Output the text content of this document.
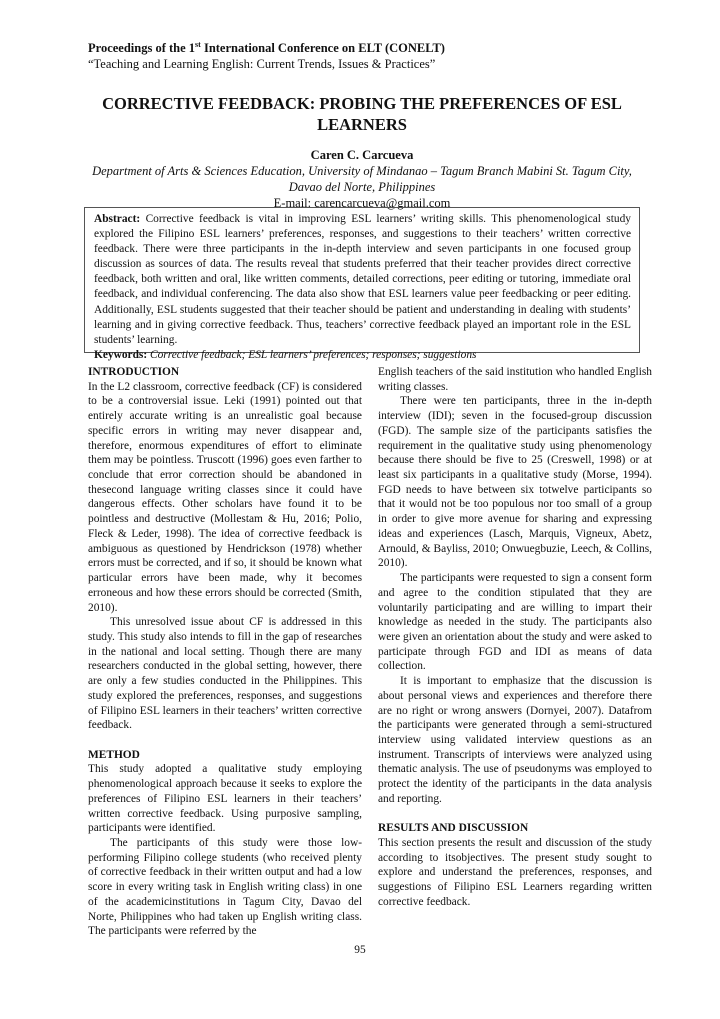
Proceedings of the 1st International Conference on ELT (CONELT)
“Teaching and Learning English: Current Trends, Issues & Practices”
CORRECTIVE FEEDBACK: PROBING THE PREFERENCES OF ESL LEARNERS
Caren C. Carcueva
Department of Arts & Sciences Education, University of Mindanao – Tagum Branch Mabini St. Tagum City, Davao del Norte, Philippines
E-mail: carencarcueva@gmail.com
Abstract: Corrective feedback is vital in improving ESL learners’ writing skills. This phenomenological study explored the Filipino ESL learners’ preferences, responses, and suggestions to their teachers’ written corrective feedback. There were three participants in the in-depth interview and seven participants in one focused group discussion as sources of data. The results reveal that students preferred that their teacher provides direct corrective feedback, both written and oral, like written comments, detailed corrections, peer editing or tutoring, immediate oral feedback, and individual conferencing. The data also show that ESL learners value peer feedbacking or peer editing. Additionally, ESL students suggested that their teacher should be patient and understanding in dealing with students’ learning and in giving corrective feedback. Thus, teachers’ corrective feedback played an important role in the ESL students’ learning.
Keywords: Corrective feedback; ESL learners’ preferences; responses; suggestions
INTRODUCTION

In the L2 classroom, corrective feedback (CF) is considered to be a controversial issue. Leki (1991) pointed out that entirely accurate writing is an unrealistic goal because specific errors in writing may never disappear and, therefore, enormous expenditures of effort to eliminate them may be pointless. Truscott (1996) goes even farther to conclude that error correction should be abandoned in thesecond language writing classes since it could have dangerous effects. Other scholars have found it to be pointless and destructive (Mollestam & Hu, 2016; Polio, Fleck & Leder, 1998). The idea of corrective feedback is ambiguous as questioned by Hendrickson (1978) whether errors must be corrected, and if so, it should be known what particular errors have been made, why it becomes erroneous and how these errors should be corrected (Smith, 2010).

This unresolved issue about CF is addressed in this study. This study also intends to fill in the gap of researches in the national and local setting. Though there are many researchers conducted in the global setting, however, there are only a few studies conducted in the Philippines. This study explored the preferences, responses, and suggestions of Filipino ESL learners in their teachers’ written corrective feedback.

METHOD

This study adopted a qualitative study employing phenomenological approach because it seeks to explore the preferences of Filipino ESL learners in their teachers’ written corrective feedback. Using purposive sampling, participants were identified.

The participants of this study were those low-performing Filipino college students (who received plenty of corrective feedback in their written output and had a low score in every writing task in English writing class) in one of the academicinstitutions in Tagum City, Davao del Norte, Philippines who had taken up English writing class. The participants were referred by the

English teachers of the said institution who handled English writing classes.

There were ten participants, three in the in-depth interview (IDI); seven in the focused-group discussion (FGD). The sample size of the participants satisfies the requirement in the qualitative study using phenomenology because there should be five to 25 (Creswell, 1998) or at least six participants in a qualitative study (Morse, 1994). FGD needs to have between six totwelve participants so that it would not be too populous nor too small of a group in order to give more avenue for sharing and expressing ideas and experiences (Lasch, Marquis, Vigneux, Abetz, Arnould, & Bayliss, 2010; Onwuegbuzie, Leech, & Collins, 2010).

The participants were requested to sign a consent form and agree to the condition stipulated that they are voluntarily participating and are willing to impart their knowledge as needed in the study. The participants also were given an orientation about the study and were asked to participate through FGD and IDI as means of data collection.

It is important to emphasize that the discussion is about personal views and experiences and therefore there are no right or wrong answers (Dornyei, 2007). Datafrom the participants were generated through a semi-structured interview using validated interview questions as an instrument. Transcripts of interviews were analyzed using thematic analysis. The use of pseudonyms was employed to protect the identity of the participants in the data analysis and reporting.

RESULTS AND DISCUSSION

This section presents the result and discussion of the study according to itsobjectives. The present study sought to explore and understand the preferences, responses, and suggestions of Filipino ESL Learners regarding written corrective feedback.

95
